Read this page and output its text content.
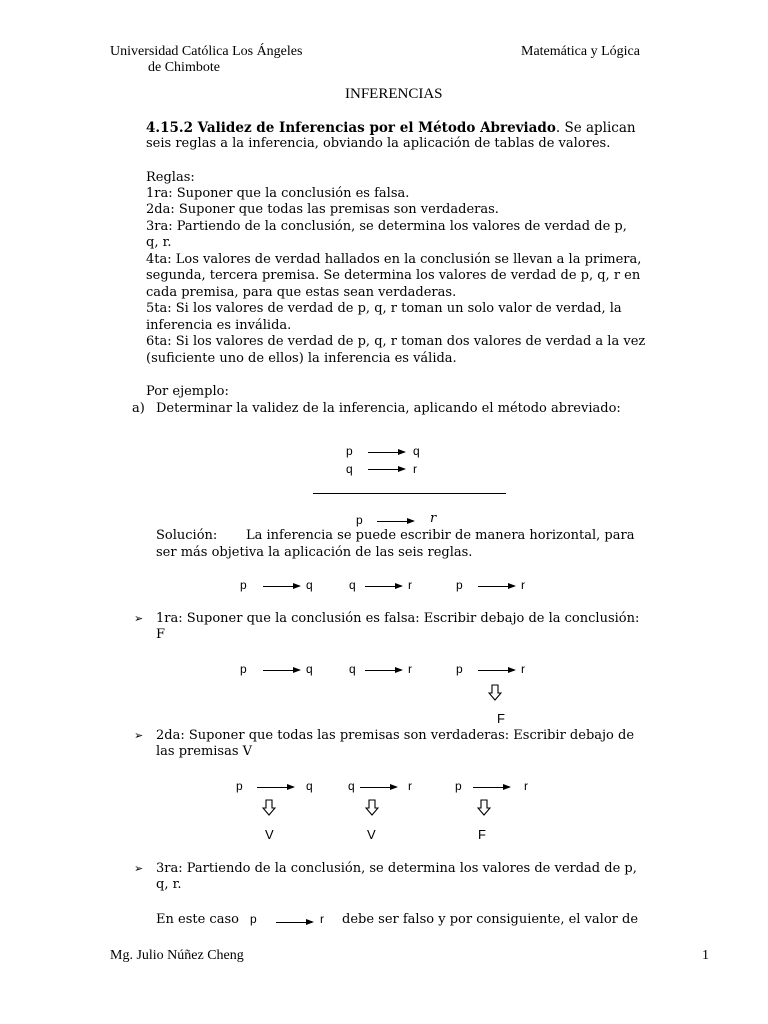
Universidad Católica Los Ángeles
de Chimbote
Matemática y Lógica
INFERENCIAS
4.15.2 Validez de Inferencias por el Método Abreviado. Se aplican
seis reglas a la inferencia, obviando la aplicación de tablas de valores.
Reglas:
1ra: Suponer que la conclusión es falsa.
2da: Suponer que todas las premisas son verdaderas.
3ra: Partiendo de la conclusión, se determina los valores de verdad de p,
q, r.
4ta: Los valores de verdad hallados en la conclusión se llevan a la primera,
segunda, tercera premisa. Se determina los valores de verdad de p, q, r en
cada premisa, para que estas sean verdaderas.
5ta: Si los valores de verdad de p, q, r toman un solo valor de verdad, la
inferencia es inválida.
6ta: Si los valores de verdad de p, q, r toman dos valores de verdad a la vez
(suficiente uno de ellos) la inferencia es válida.
Por ejemplo:
a) Determinar la validez de la inferencia, aplicando el método abreviado:
p	q
q	r
p	r
Solución: La inferencia se puede escribir de manera horizontal, para
ser más objetiva la aplicación de las seis reglas.
p	q	q	r	p	r
➢ 1ra: Suponer que la conclusión es falsa: Escribir debajo de la conclusión:
F
p	q	q	r	p	r
F
➢ 2da: Suponer que todas las premisas son verdaderas: Escribir debajo de
las premisas V
p	q	q	r	p	r
V	V	F
➢ 3ra: Partiendo de la conclusión, se determina los valores de verdad de p,
q, r.
En este caso p	r debe ser falso y por consiguiente, el valor de
Mg. Julio Núñez Cheng	1
